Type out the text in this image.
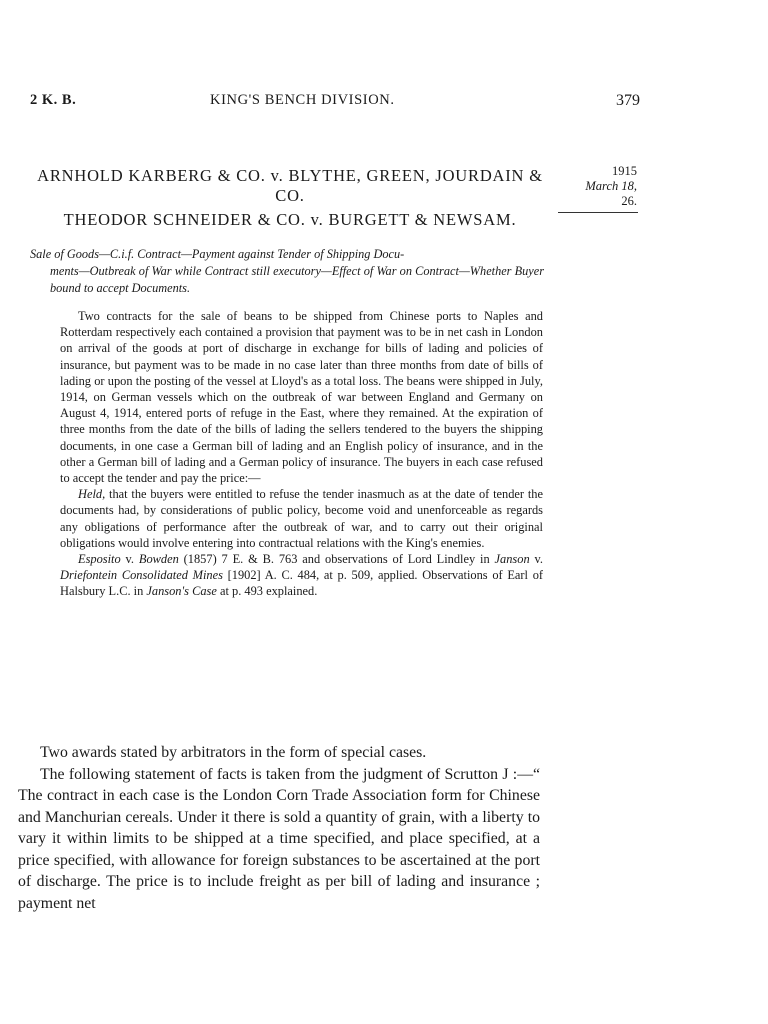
2 K. B.	KING'S BENCH DIVISION.	379
ARNHOLD KARBERG & CO. v. BLYTHE, GREEN, JOURDAIN & CO.
THEODOR SCHNEIDER & CO. v. BURGETT & NEWSAM.
1915
March 18,
26.
Sale of Goods—C.i.f. Contract—Payment against Tender of Shipping Docu-
ments—Outbreak of War while Contract still executory—Effect of War on Contract—Whether Buyer bound to accept Documents.

Two contracts for the sale of beans to be shipped from Chinese ports to Naples and Rotterdam respectively each contained a provision that payment was to be in net cash in London on arrival of the goods at port of discharge in exchange for bills of lading and policies of insurance, but payment was to be made in no case later than three months from date of bills of lading or upon the posting of the vessel at Lloyd's as a total loss. The beans were shipped in July, 1914, on German vessels which on the outbreak of war between England and Germany on August 4, 1914, entered ports of refuge in the East, where they remained. At the expiration of three months from the date of the bills of lading the sellers tendered to the buyers the shipping documents, in one case a German bill of lading and an English policy of insurance, and in the other a German bill of lading and a German policy of insurance. The buyers in each case refused to accept the tender and pay the price:—

Held, that the buyers were entitled to refuse the tender inasmuch as at the date of tender the documents had, by considerations of public policy, become void and unenforceable as regards any obligations of performance after the outbreak of war, and to carry out their original obligations would involve entering into contractual relations with the King's enemies.

Esposito v. Bowden (1857) 7 E. & B. 763 and observations of Lord Lindley in Janson v. Driefontein Consolidated Mines [1902] A. C. 484, at p. 509, applied. Observations of Earl of Halsbury L.C. in Janson's Case at p. 493 explained.

Two awards stated by arbitrators in the form of special cases.

The following statement of facts is taken from the judgment of Scrutton J :—“ The contract in each case is the London Corn Trade Association form for Chinese and Manchurian cereals. Under it there is sold a quantity of grain, with a liberty to vary it within limits to be shipped at a time specified, and place specified, at a price specified, with allowance for foreign substances to be ascertained at the port of discharge. The price is to include freight as per bill of lading and insurance ; payment net
